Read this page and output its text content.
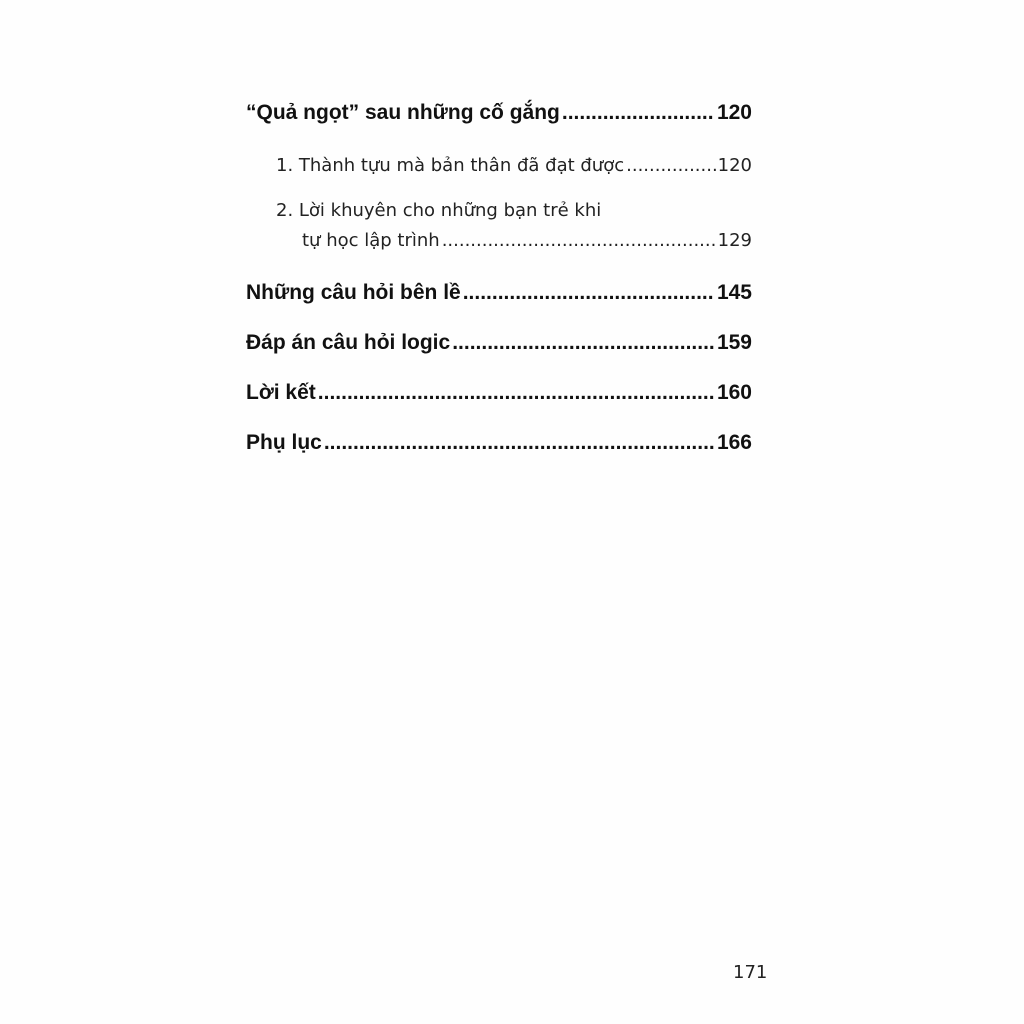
“Quả ngọt” sau những cố gắng .....	120
1. Thành tựu mà bản thân đã đạt được .....	120
2. Lời khuyên cho những bạn trẻ khi
tự học lập trình .....	129
Những câu hỏi bên lề .....	145
Đáp án câu hỏi logic .....	159
Lời kết .....	160
Phụ lục .....	166
171
